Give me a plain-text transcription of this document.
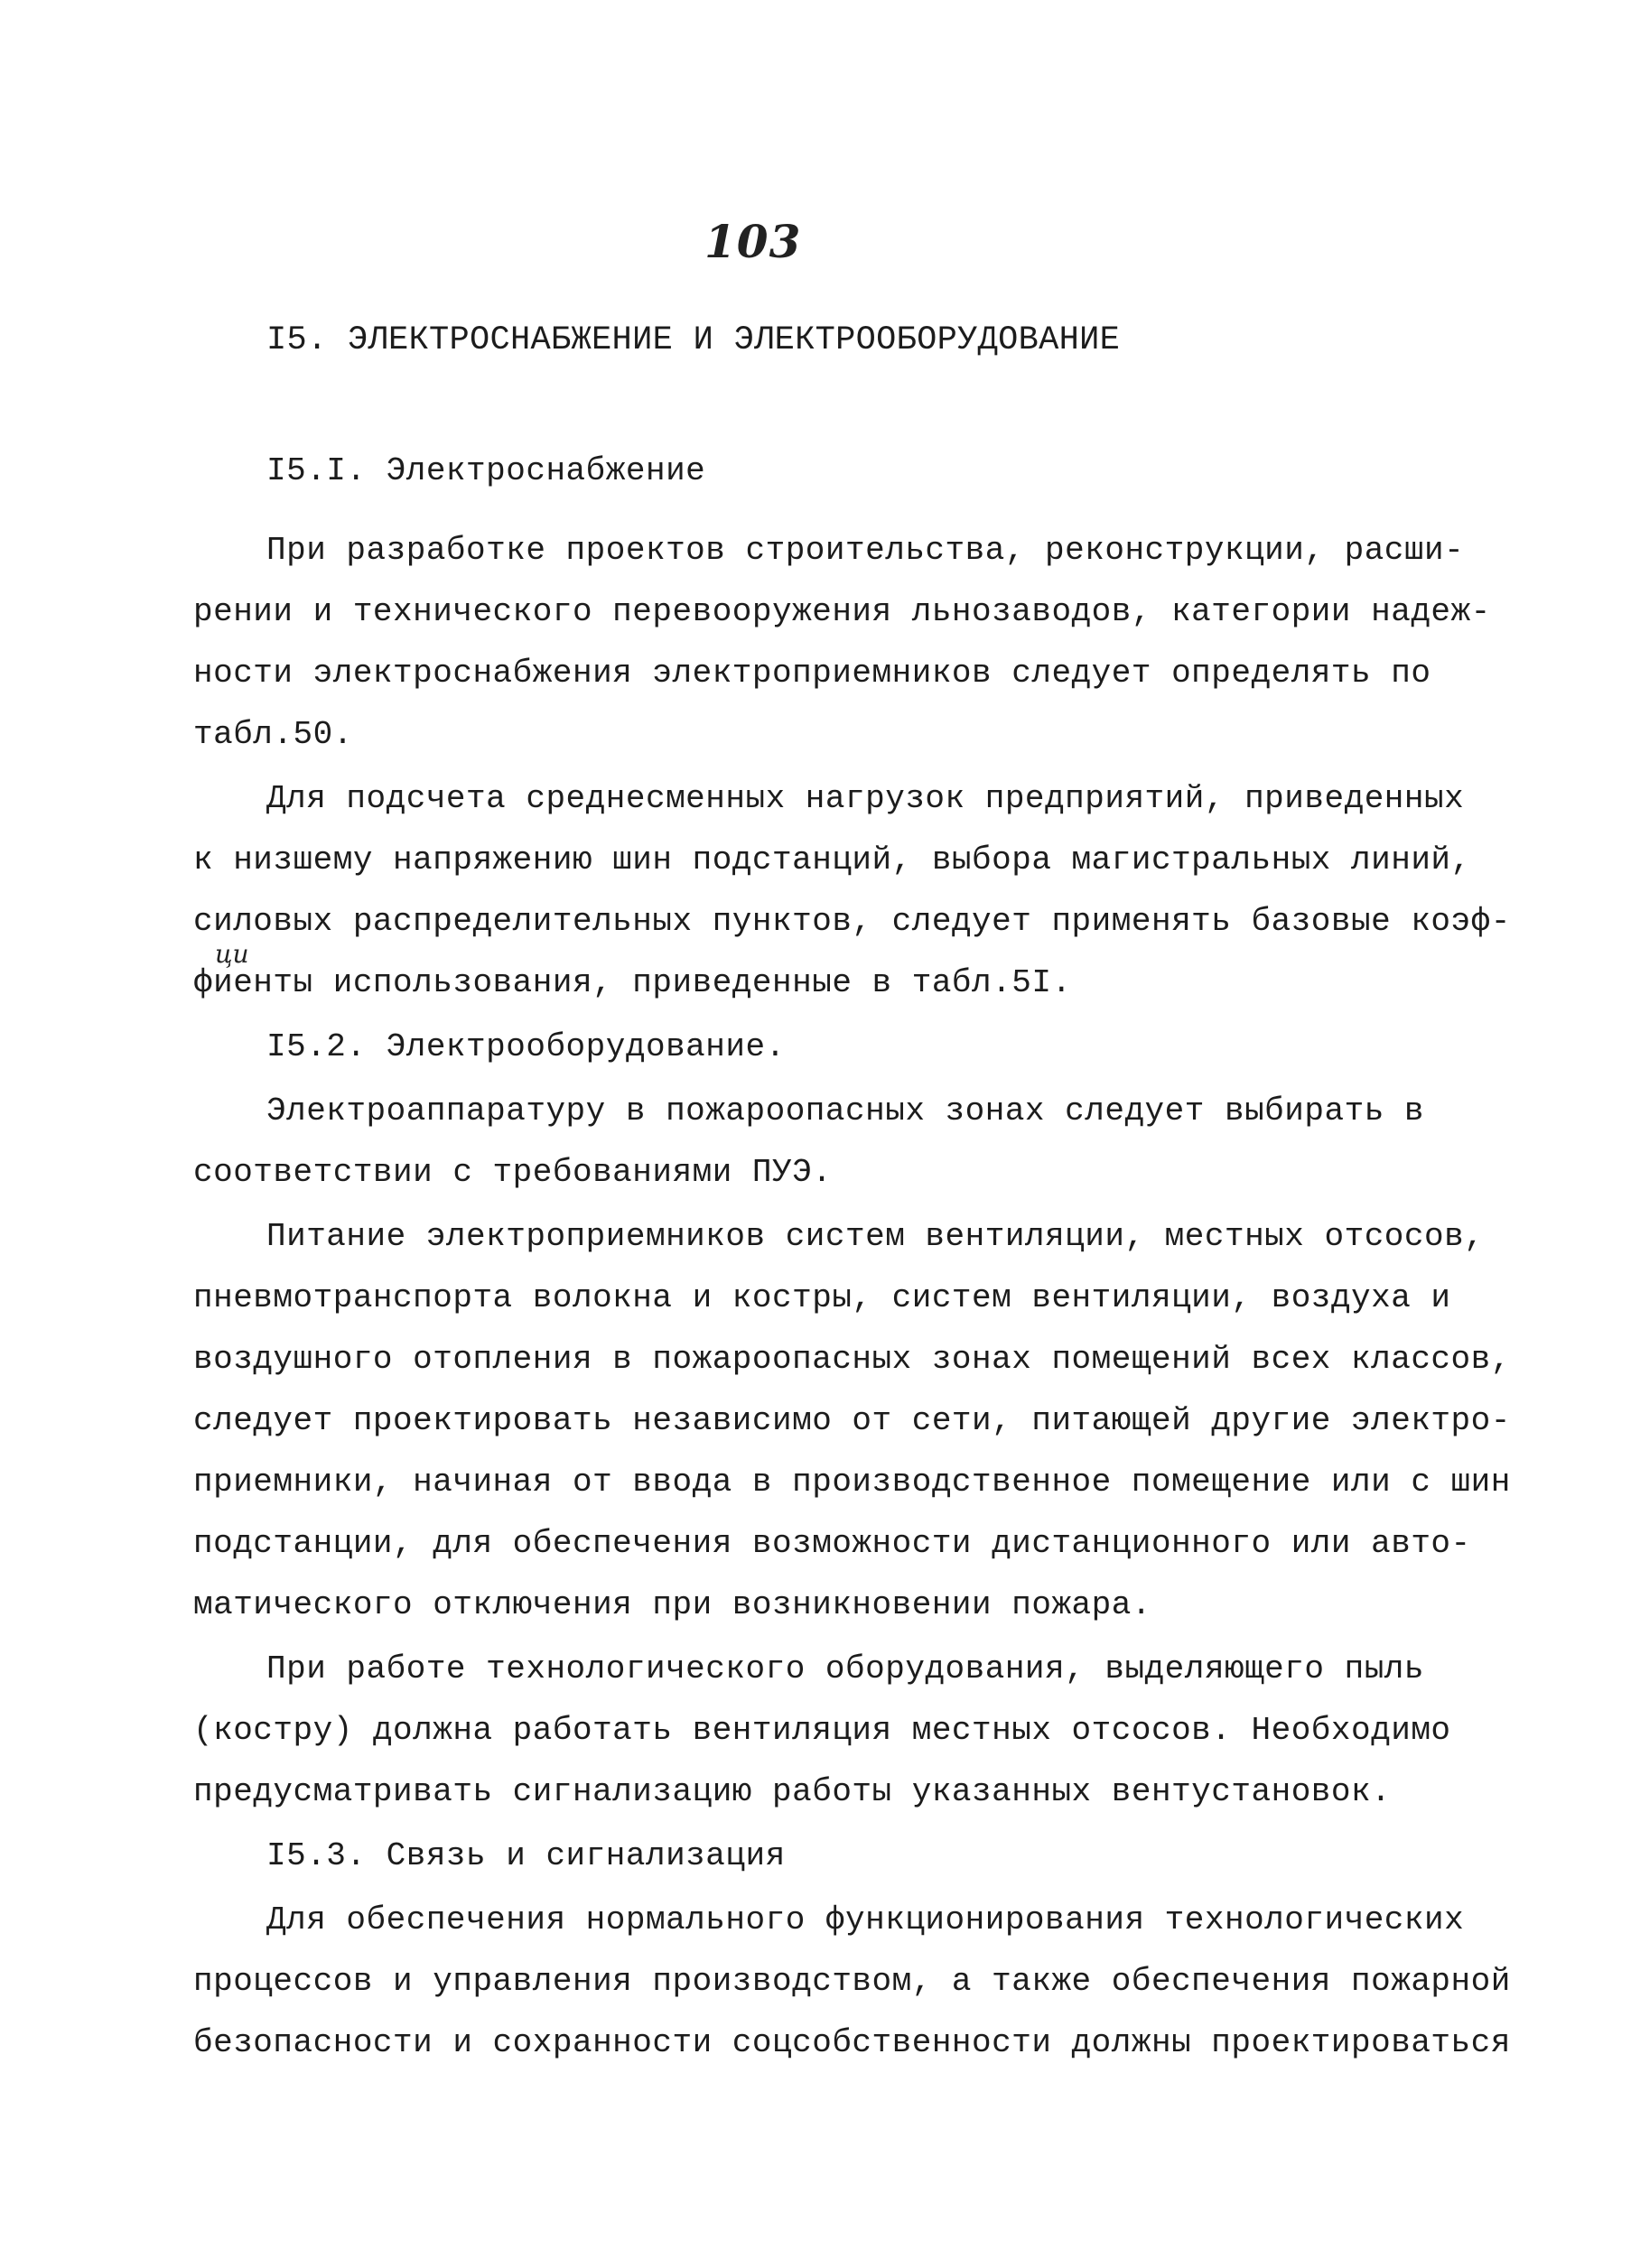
103
I5. ЭЛЕКТРОСНАБЖЕНИЕ И ЭЛЕКТРООБОРУДОВАНИЕ
I5.I. Электроснабжение
При разработке проектов строительства, реконструкции, расши-
рении и технического перевооружения льнозаводов, категории надеж-
ности электроснабжения электроприемников следует определять по
табл.50.
Для подсчета среднесменных нагрузок предприятий, приведенных
к низшему напряжению шин подстанций, выбора магистральных линий,
силовых распределительных пунктов, следует применять базовые коэф-
ци
фиенты использования, приведенные в табл.5I.
I5.2. Электрооборудование.
Электроаппаратуру в пожароопасных зонах следует выбирать в
соответствии с требованиями ПУЭ.
Питание электроприемников систем вентиляции, местных отсосов,
пневмотранспорта волокна и костры, систем вентиляции, воздуха и
воздушного отопления в пожароопасных зонах помещений всех классов,
следует проектировать независимо от сети, питающей другие электро-
приемники, начиная от ввода в производственное помещение или с шин
подстанции, для обеспечения возможности дистанционного или авто-
матического отключения при возникновении пожара.
При работе технологического оборудования, выделяющего пыль
(костру) должна работать вентиляция местных отсосов. Необходимо
предусматривать сигнализацию работы указанных вентустановок.
I5.3. Связь и сигнализация
Для обеспечения нормального функционирования технологических
процессов и управления производством, а также обеспечения пожарной
безопасности и сохранности соцсобственности должны проектироваться
